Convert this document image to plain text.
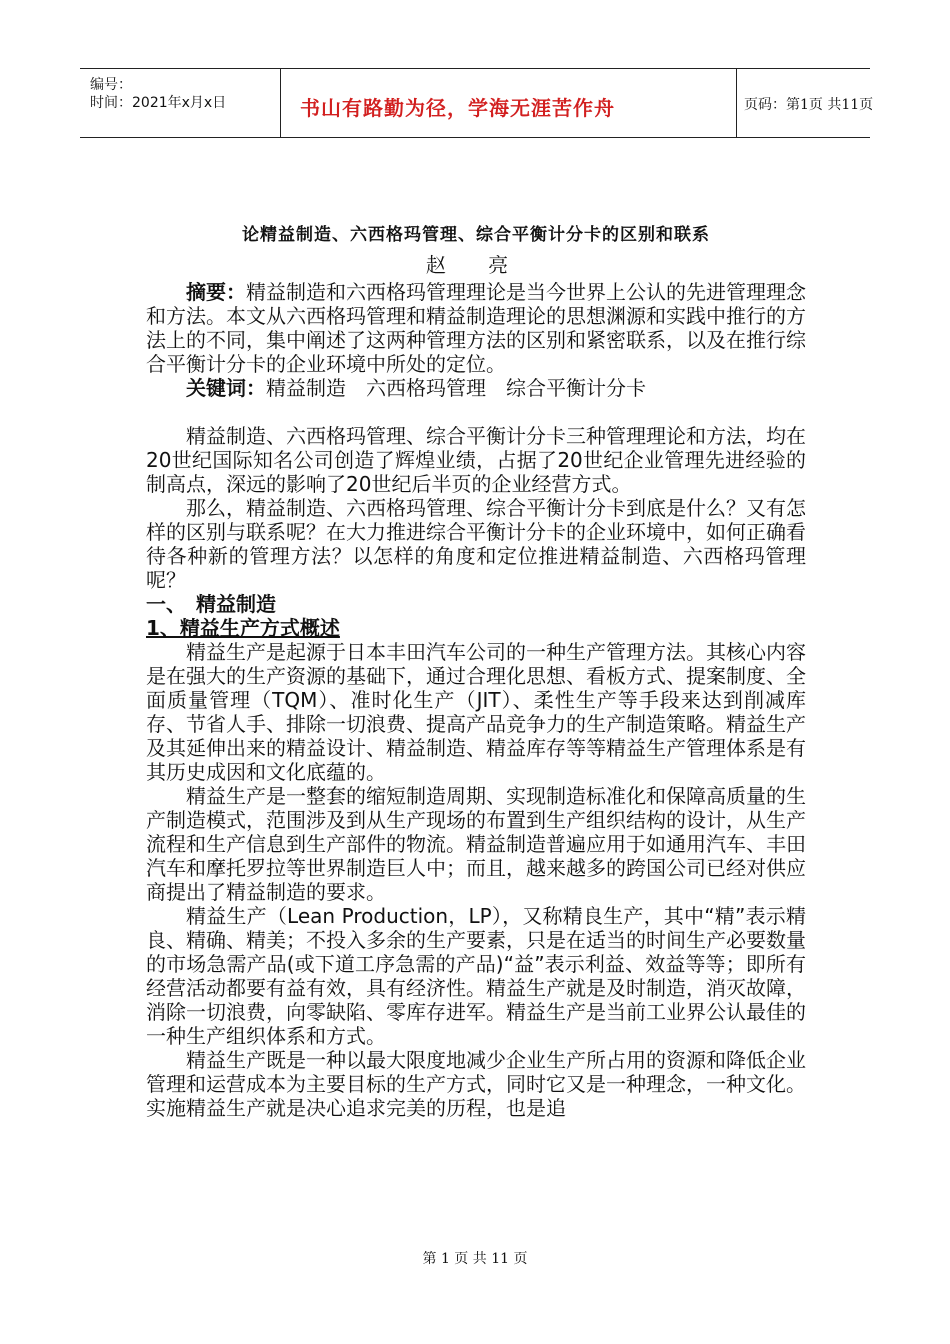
编号：
时间：2021年x月x日	书山有路勤为径，学海无涯苦作舟	页码：第1页 共11页
论精益制造、六西格玛管理、综合平衡计分卡的区别和联系
赵 亮

摘要：精益制造和六西格玛管理理论是当今世界上公认的先进管理理念和方法。本文从六西格玛管理和精益制造理论的思想渊源和实践中推行的方法上的不同，集中阐述了这两种管理方法的区别和紧密联系，以及在推行综合平衡计分卡的企业环境中所处的定位。

关键词：精益制造　六西格玛管理　综合平衡计分卡

精益制造、六西格玛管理、综合平衡计分卡三种管理理论和方法，均在20世纪国际知名公司创造了辉煌业绩，占据了20世纪企业管理先进经验的制高点，深远的影响了20世纪后半页的企业经营方式。

那么，精益制造、六西格玛管理、综合平衡计分卡到底是什么？又有怎样的区别与联系呢？在大力推进综合平衡计分卡的企业环境中，如何正确看待各种新的管理方法？以怎样的角度和定位推进精益制造、六西格玛管理呢？

一、　精益制造

1、精益生产方式概述

精益生产是起源于日本丰田汽车公司的一种生产管理方法。其核心内容是在强大的生产资源的基础下，通过合理化思想、看板方式、提案制度、全面质量管理（TQM）、准时化生产（JIT）、柔性生产等手段来达到削减库存、节省人手、排除一切浪费、提高产品竞争力的生产制造策略。精益生产及其延伸出来的精益设计、精益制造、精益库存等等精益生产管理体系是有其历史成因和文化底蕴的。

精益生产是一整套的缩短制造周期、实现制造标准化和保障高质量的生产制造模式，范围涉及到从生产现场的布置到生产组织结构的设计，从生产流程和生产信息到生产部件的物流。精益制造普遍应用于如通用汽车、丰田汽车和摩托罗拉等世界制造巨人中；而且，越来越多的跨国公司已经对供应商提出了精益制造的要求。

精益生产（Lean Production，LP），又称精良生产，其中“精”表示精良、精确、精美；不投入多余的生产要素，只是在适当的时间生产必要数量的市场急需产品(或下道工序急需的产品)“益”表示利益、效益等等；即所有经营活动都要有益有效，具有经济性。精益生产就是及时制造，消灭故障，消除一切浪费，向零缺陷、零库存进军。精益生产是当前工业界公认最佳的一种生产组织体系和方式。

精益生产既是一种以最大限度地减少企业生产所占用的资源和降低企业管理和运营成本为主要目标的生产方式，同时它又是一种理念，一种文化。实施精益生产就是决心追求完美的历程，也是追

第 1 页 共 11 页
